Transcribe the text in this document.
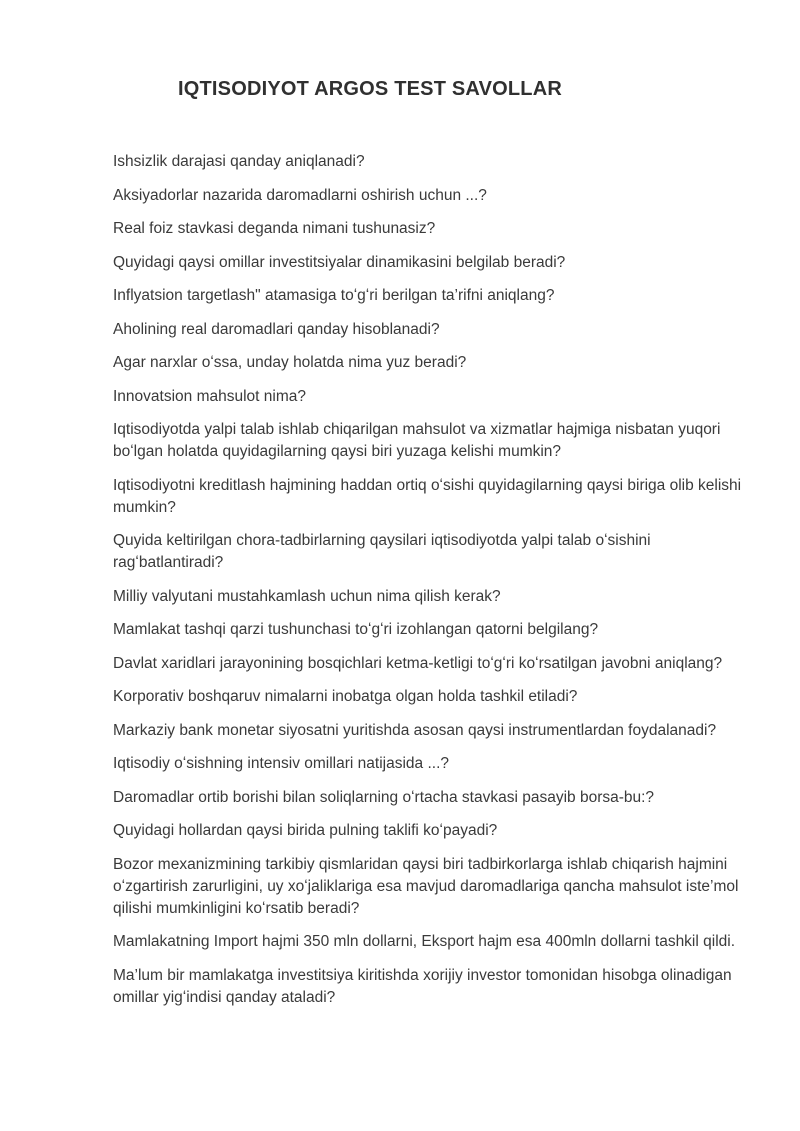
IQTISODIYOT ARGOS TEST SAVOLLAR

Ishsizlik darajasi qanday aniqlanadi?

Aksiyadorlar nazarida daromadlarni oshirish uchun ...?

Real foiz stavkasi deganda nimani tushunasiz?

Quyidagi qaysi omillar investitsiyalar dinamikasini belgilab beradi?

Inflyatsion targetlash" atamasiga toʻgʻri berilgan ta’rifni aniqlang?

Aholining real daromadlari qanday hisoblanadi?

Agar narxlar oʻssa, unday holatda nima yuz beradi?

Innovatsion mahsulot nima?

Iqtisodiyotda yalpi talab ishlab chiqarilgan mahsulot va xizmatlar hajmiga nisbatan yuqori boʻlgan holatda quyidagilarning qaysi biri yuzaga kelishi mumkin?

Iqtisodiyotni kreditlash hajmining haddan ortiq oʻsishi quyidagilarning qaysi biriga olib kelishi mumkin?

Quyida keltirilgan chora-tadbirlarning qaysilari iqtisodiyotda yalpi talab oʻsishini ragʻbatlantiradi?

Milliy valyutani mustahkamlash uchun nima qilish kerak?

Mamlakat tashqi qarzi tushunchasi toʻgʻri izohlangan qatorni belgilang?

Davlat xaridlari jarayonining bosqichlari ketma-ketligi toʻgʻri koʻrsatilgan javobni aniqlang?

Korporativ boshqaruv nimalarni inobatga olgan holda tashkil etiladi?

Markaziy bank monetar siyosatni yuritishda asosan qaysi instrumentlardan foydalanadi?

Iqtisodiy oʻsishning intensiv omillari natijasida ...?

Daromadlar ortib borishi bilan soliqlarning oʻrtacha stavkasi pasayib borsa-bu:?

Quyidagi hollardan qaysi birida pulning taklifi koʻpayadi?

Bozor mexanizmining tarkibiy qismlaridan qaysi biri tadbirkorlarga ishlab chiqarish hajmini oʻzgartirish zarurligini, uy xoʻjaliklariga esa mavjud daromadlariga qancha mahsulot iste’mol qilishi mumkinligini koʻrsatib beradi?

Mamlakatning Import hajmi 350 mln dollarni, Eksport hajm esa 400mln dollarni tashkil qildi.

Ma’lum bir mamlakatga investitsiya kiritishda xorijiy investor tomonidan hisobga olinadigan omillar yigʻindisi qanday ataladi?
